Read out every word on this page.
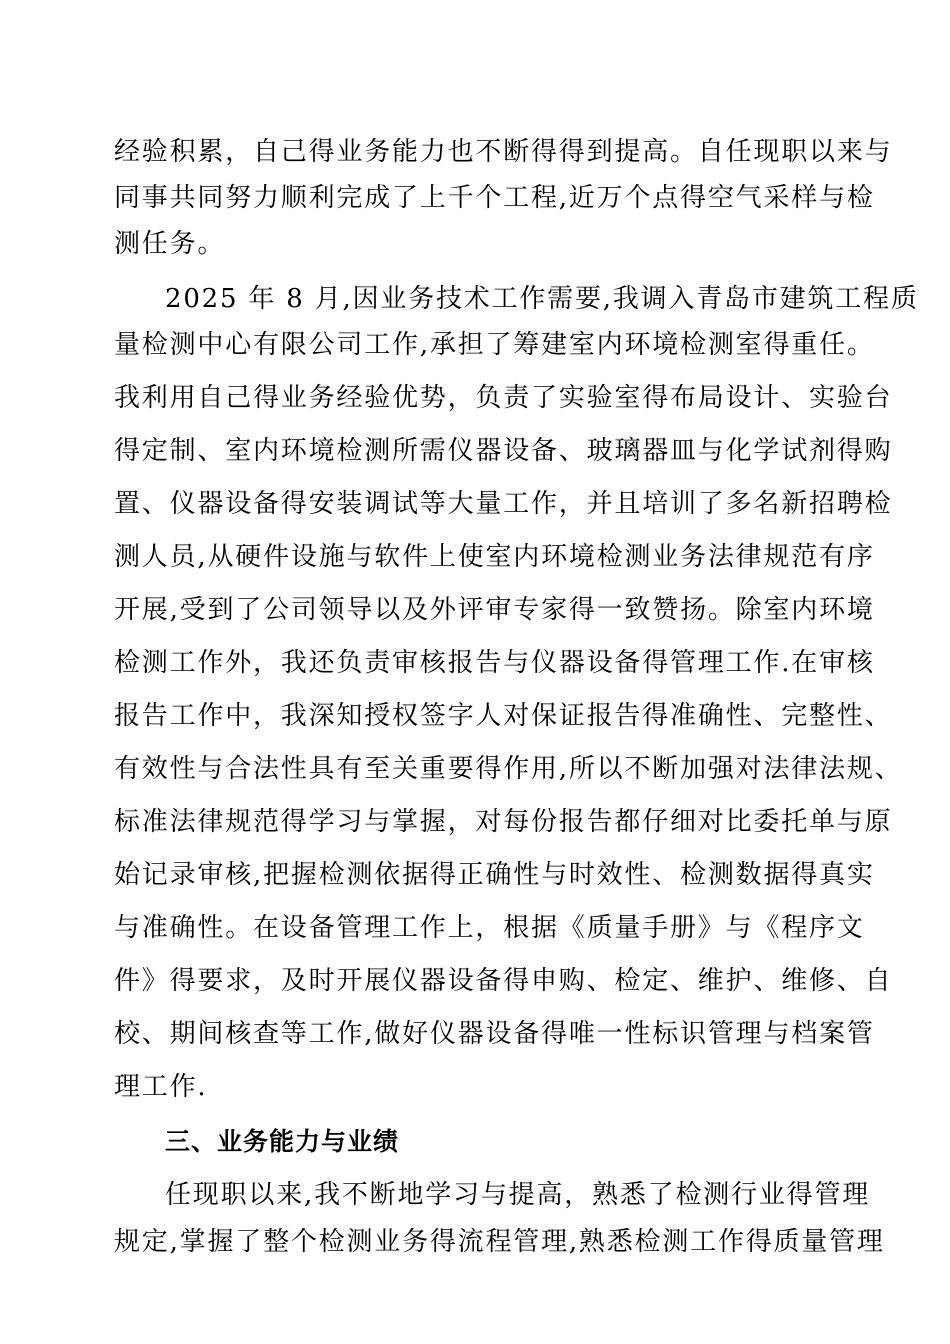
经验积累，自己得业务能力也不断得得到提高。自任现职以来与
同事共同努力顺利完成了上千个工程,近万个点得空气采样与检
测任务。
2025 年 8 月,因业务技术工作需要,我调入青岛市建筑工程质
量检测中心有限公司工作,承担了筹建室内环境检测室得重任。
我利用自己得业务经验优势，负责了实验室得布局设计、实验台
得定制、室内环境检测所需仪器设备、玻璃器皿与化学试剂得购
置、仪器设备得安装调试等大量工作，并且培训了多名新招聘检
测人员,从硬件设施与软件上使室内环境检测业务法律规范有序
开展,受到了公司领导以及外评审专家得一致赞扬。除室内环境
检测工作外，我还负责审核报告与仪器设备得管理工作.在审核
报告工作中，我深知授权签字人对保证报告得准确性、完整性、
有效性与合法性具有至关重要得作用,所以不断加强对法律法规、
标准法律规范得学习与掌握，对每份报告都仔细对比委托单与原
始记录审核,把握检测依据得正确性与时效性、检测数据得真实
与准确性。在设备管理工作上，根据《质量手册》与《程序文
件》得要求，及时开展仪器设备得申购、检定、维护、维修、自
校、期间核查等工作,做好仪器设备得唯一性标识管理与档案管
理工作.
三、业务能力与业绩
任现职以来,我不断地学习与提高，熟悉了检测行业得管理
规定,掌握了整个检测业务得流程管理,熟悉检测工作得质量管理
